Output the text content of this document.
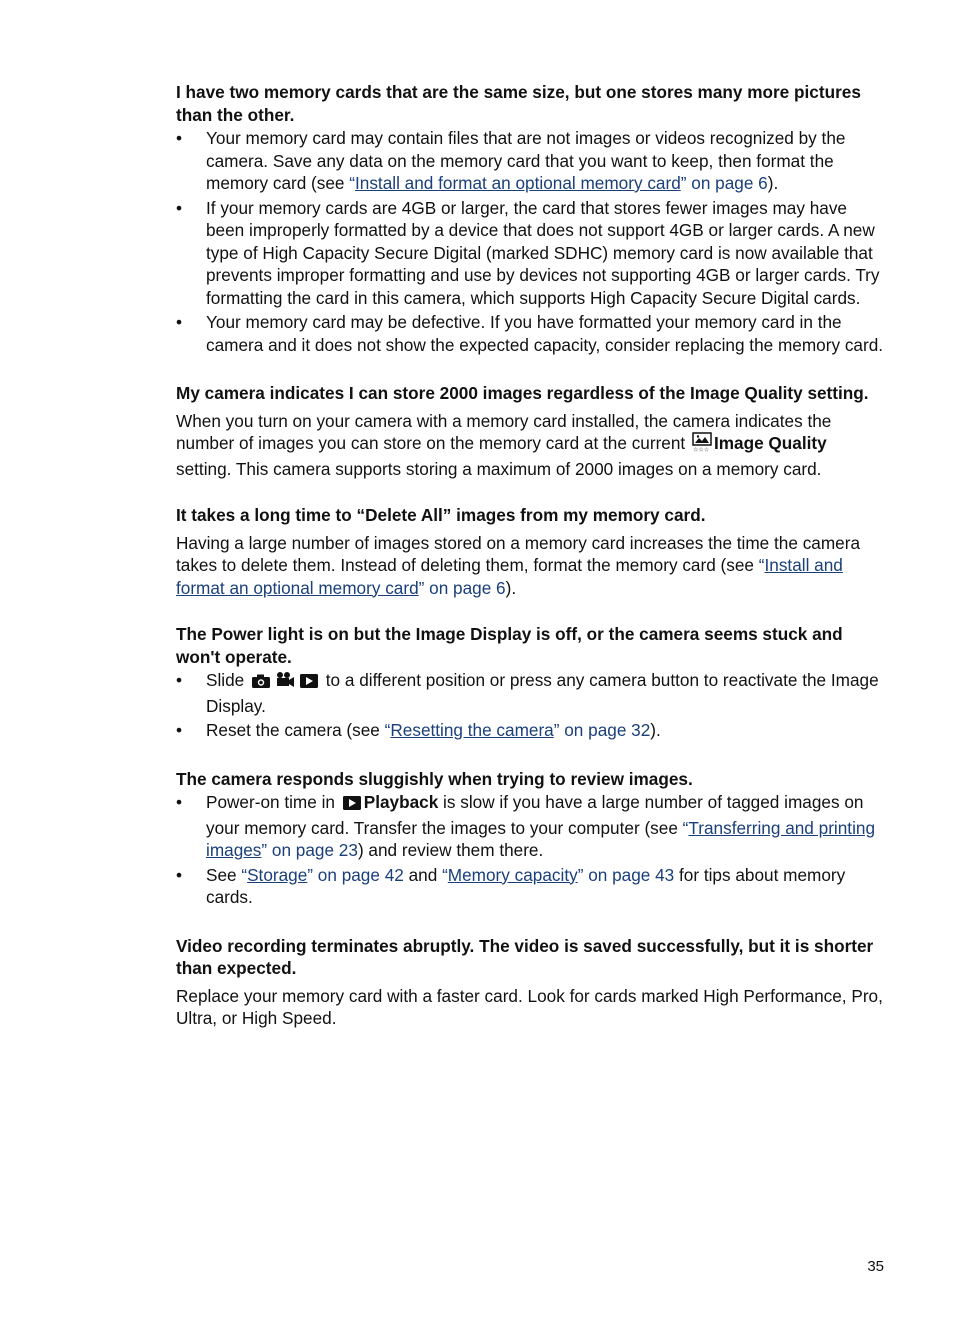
I have two memory cards that are the same size, but one stores many more pictures than the other.
•	Your memory card may contain files that are not images or videos recognized by the camera. Save any data on the memory card that you want to keep, then format the memory card (see “Install and format an optional memory card” on page 6).
•	If your memory cards are 4GB or larger, the card that stores fewer images may have been improperly formatted by a device that does not support 4GB or larger cards. A new type of High Capacity Secure Digital (marked SDHC) memory card is now available that prevents improper formatting and use by devices not supporting 4GB or larger cards. Try formatting the card in this camera, which supports High Capacity Secure Digital cards.
•	Your memory card may be defective. If you have formatted your memory card in the camera and it does not show the expected capacity, consider replacing the memory card.
My camera indicates I can store 2000 images regardless of the Image Quality setting.
When you turn on your camera with a memory card installed, the camera indicates the number of images you can store on the memory card at the current ☆☆☆ Image Quality setting. This camera supports storing a maximum of 2000 images on a memory card.
It takes a long time to “Delete All” images from my memory card.
Having a large number of images stored on a memory card increases the time the camera takes to delete them. Instead of deleting them, format the memory card (see “Install and format an optional memory card” on page 6).
The Power light is on but the Image Display is off, or the camera seems stuck and won't operate.
•	Slide	to a different position or press any camera button to reactivate the Image Display.
•	Reset the camera (see “Resetting the camera” on page 32).
The camera responds sluggishly when trying to review images.
•	Power-on time in Playback is slow if you have a large number of tagged images on your memory card. Transfer the images to your computer (see “Transferring and printing images” on page 23) and review them there.
•	See “Storage” on page 42 and “Memory capacity” on page 43 for tips about memory cards.
Video recording terminates abruptly. The video is saved successfully, but it is shorter than expected.
Replace your memory card with a faster card. Look for cards marked High Performance, Pro, Ultra, or High Speed.
35
